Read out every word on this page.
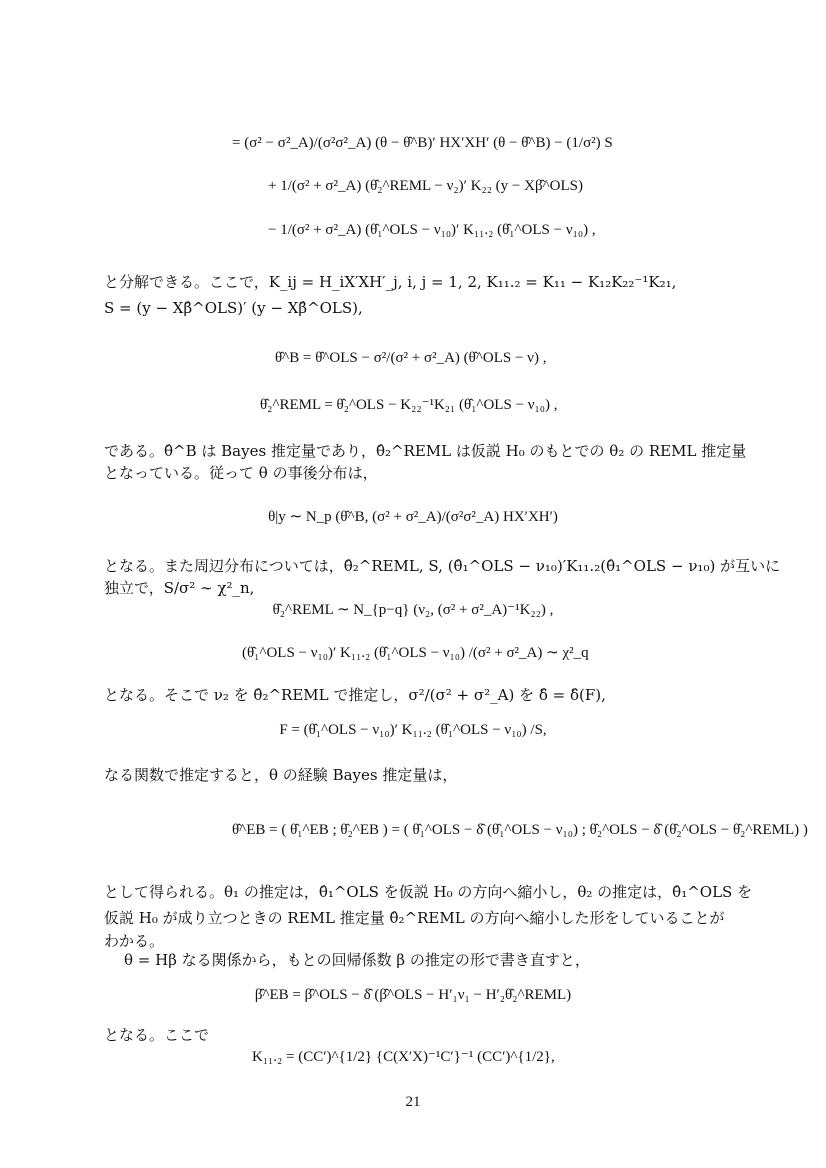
= (σ² − σ²_A)/(σ²σ²_A) (θ − θ̂^B)′ HX′XH′ (θ − θ̂^B) − (1/σ²) S
+ 1/(σ² + σ²_A) (θ̂₂^REML − ν₂)′ K₂₂ (y − Xβ̂^OLS)
− 1/(σ² + σ²_A) (θ̂₁^OLS − ν₁₀)′ K₁₁.₂ (θ̂₁^OLS − ν₁₀) ,
と分解できる。ここで，K_ij = H_iX′XH′_j, i, j = 1, 2, K₁₁.₂ = K₁₁ − K₁₂K₂₂⁻¹K₂₁,
S = (y − Xβ̂^OLS)′ (y − Xβ̂^OLS),
θ̂^B = θ̂^OLS − σ²/(σ² + σ²_A) (θ̂^OLS − ν) ,
θ̂₂^REML = θ̂₂^OLS − K₂₂⁻¹K₂₁ (θ̂₁^OLS − ν₁₀) ,
である。θ̂^B は Bayes 推定量であり，θ̂₂^REML は仮説 H₀ のもとでの θ₂ の REML 推定量
となっている。従って θ の事後分布は，
θ|y ∼ N_p (θ̂^B, (σ² + σ²_A)/(σ²σ²_A) HX′XH′)
となる。また周辺分布については，θ̂₂^REML, S, (θ̂₁^OLS − ν₁₀)′K₁₁.₂(θ̂₁^OLS − ν₁₀) が互いに
独立で，S/σ² ∼ χ²_n,
θ̂₂^REML ∼ N_{p−q} (ν₂, (σ² + σ²_A)⁻¹K₂₂) ,
(θ̂₁^OLS − ν₁₀)′ K₁₁.₂ (θ̂₁^OLS − ν₁₀) /(σ² + σ²_A) ∼ χ²_q
となる。そこで ν₂ を θ̂₂^REML で推定し，σ²/(σ² + σ²_A) を δ̂ = δ̂(F),
F = (θ̂₁^OLS − ν₁₀)′ K₁₁.₂ (θ̂₁^OLS − ν₁₀) /S,
なる関数で推定すると，θ の経験 Bayes 推定量は，
θ̂^EB = ( θ̂₁^EB ; θ̂₂^EB ) = ( θ̂₁^OLS − δ̂ (θ̂₁^OLS − ν₁₀) ; θ̂₂^OLS − δ̂ (θ̂₂^OLS − θ̂₂^REML) )
として得られる。θ₁ の推定は，θ̂₁^OLS を仮説 H₀ の方向へ縮小し，θ₂ の推定は，θ̂₁^OLS を
仮説 H₀ が成り立つときの REML 推定量 θ̂₂^REML の方向へ縮小した形をしていることが
わかる。
θ = Hβ なる関係から，もとの回帰係数 β の推定の形で書き直すと，
β̂^EB = β̂^OLS − δ̂ (β̂^OLS − H′₁ν₁ − H′₂θ̂₂^REML)
となる。ここで
K₁₁.₂ = (CC′)^{1/2} {C(X′X)⁻¹C′}⁻¹ (CC′)^{1/2},
21
